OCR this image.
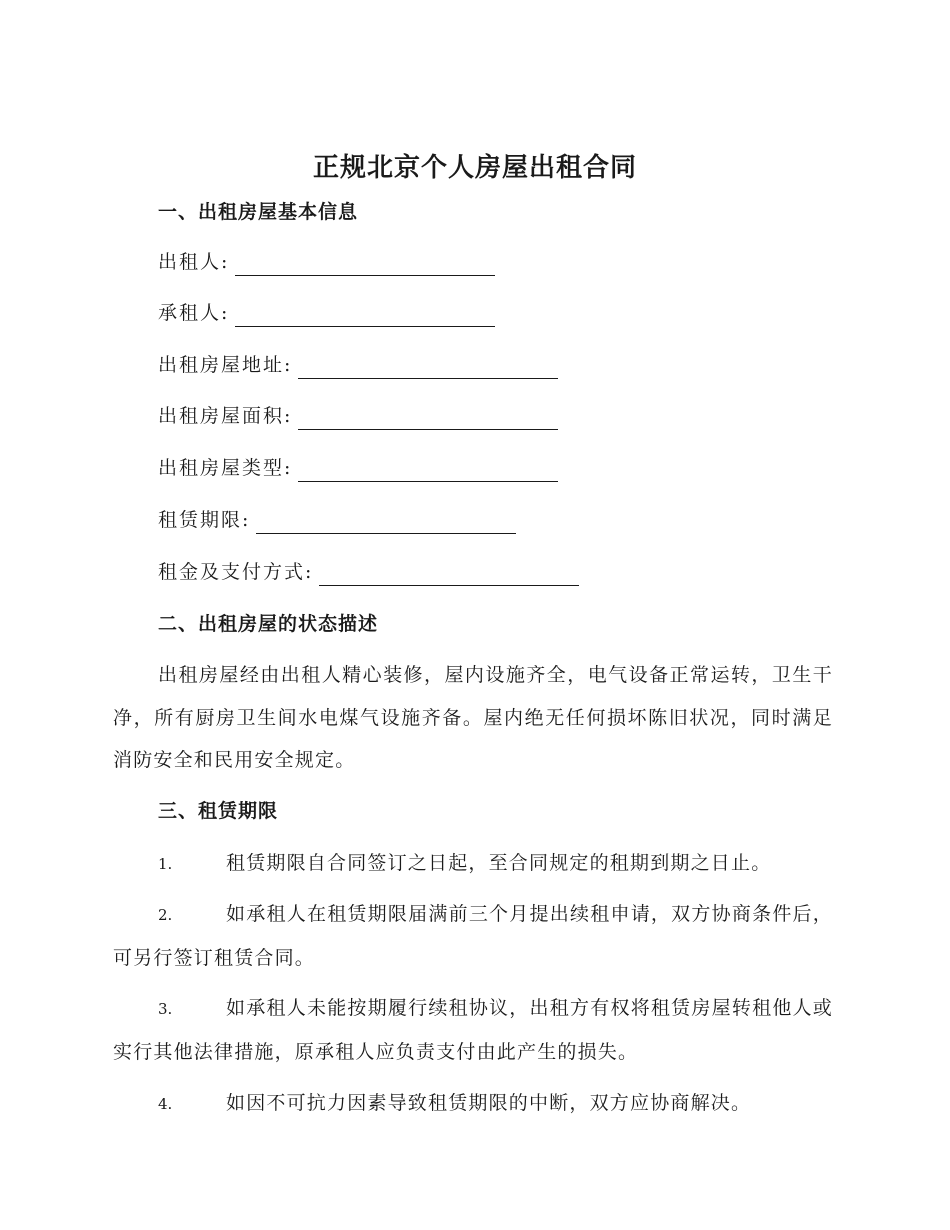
正规北京个人房屋出租合同
一、出租房屋基本信息
出租人:
承租人:
出租房屋地址:
出租房屋面积:
出租房屋类型:
租赁期限:
租金及支付方式:
二、出租房屋的状态描述

出租房屋经由出租人精心装修，屋内设施齐全，电气设备正常运转，卫生干净，所有厨房卫生间水电煤气设施齐备。屋内绝无任何损坏陈旧状况，同时满足消防安全和民用安全规定。

三、租赁期限

1.	租赁期限自合同签订之日起，至合同规定的租期到期之日止。

2.	如承租人在租赁期限届满前三个月提出续租申请，双方协商条件后，可另行签订租赁合同。

3.	如承租人未能按期履行续租协议，出租方有权将租赁房屋转租他人或实行其他法律措施，原承租人应负责支付由此产生的损失。

4.	如因不可抗力因素导致租赁期限的中断，双方应协商解决。
